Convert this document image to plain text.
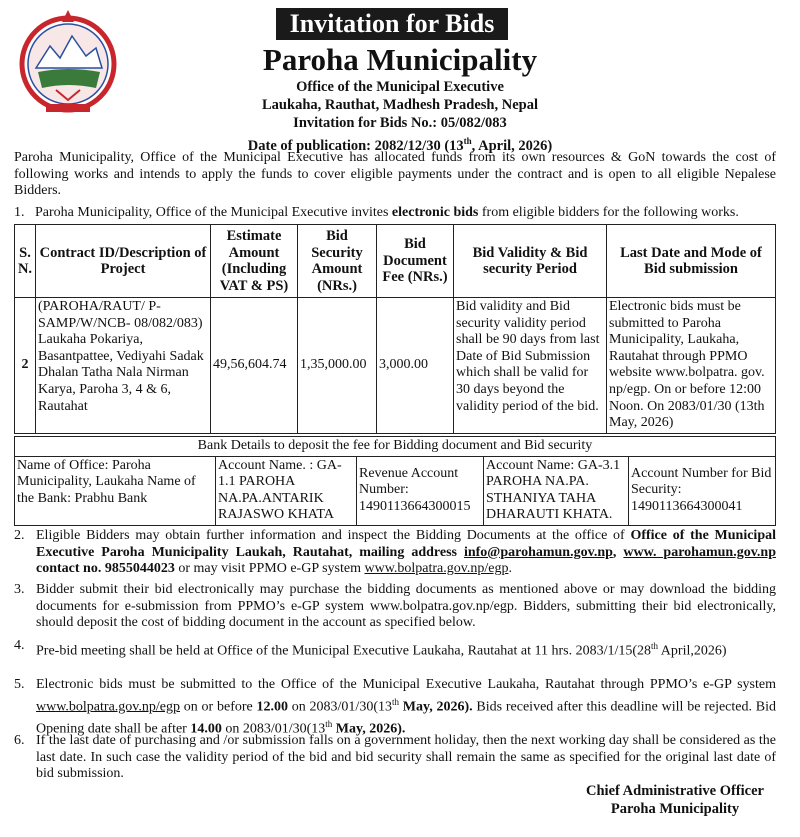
Invitation for Bids
Paroha Municipality
Office of the Municipal Executive
Laukaha, Rauthat, Madhesh Pradesh, Nepal
Invitation for Bids No.: 05/082/083
Date of publication: 2082/12/30 (13th, April, 2026)
Paroha Municipality, Office of the Municipal Executive has allocated funds from its own resources & GoN towards the cost of following works and intends to apply the funds to cover eligible payments under the contract and is open to all eligible Nepalese Bidders.
1. Paroha Municipality, Office of the Municipal Executive invites electronic bids from eligible bidders for the following works.

S. N.	Contract ID/Description of Project	Estimate Amount (Including VAT & PS)	Bid Security Amount (NRs.)	Bid Document Fee (NRs.)	Bid Validity & Bid security Period	Last Date and Mode of Bid submission
2	(PAROHA/RAUT/ P-SAMP/W/NCB- 08/082/083) Laukaha Pokariya, Basantpattee, Vediyahi Sadak Dhalan Tatha Nala Nirman Karya, Paroha 3, 4 & 6, Rautahat	49,56,604.74	1,35,000.00	3,000.00	Bid validity and Bid security validity period shall be 90 days from last Date of Bid Submission which shall be valid for 30 days beyond the validity period of the bid.	Electronic bids must be submitted to Paroha Municipality, Laukaha, Rautahat through PPMO website www.bolpatra. gov. np/egp. On or before 12:00 Noon. On 2083/01/30 (13th May, 2026)
Bank Details to deposit the fee for Bidding document and Bid security
Name of Office: Paroha Municipality, Laukaha Name of the Bank: Prabhu Bank	Account Name. : GA-1.1 PAROHA NA.PA.ANTARIK RAJASWO KHATA	Revenue Account Number: 1490113664300015	Account Name: GA-3.1 PAROHA NA.PA. STHANIYA TAHA DHARAUTI KHATA.	Account Number for Bid Security: 1490113664300041
2. Eligible Bidders may obtain further information and inspect the Bidding Documents at the office of Office of the Municipal Executive Paroha Municipality Laukah, Rautahat, mailing address info@parohamun.gov.np, www. parohamun.gov.np contact no. 9855044023 or may visit PPMO e-GP system www.bolpatra.gov.np/egp.
3. Bidder submit their bid electronically may purchase the bidding documents as mentioned above or may download the bidding documents for e-submission from PPMO’s e-GP system www.bolpatra.gov.np/egp. Bidders, submitting their bid electronically, should deposit the cost of bidding document in the account as specified below.
4. Pre-bid meeting shall be held at Office of the Municipal Executive Laukaha, Rautahat at 11 hrs. 2083/1/15(28th April,2026)
5. Electronic bids must be submitted to the Office of the Municipal Executive Laukaha, Rautahat through PPMO’s e-GP system www.bolpatra.gov.np/egp on or before 12.00 on 2083/01/30(13th May, 2026). Bids received after this deadline will be rejected. Bid Opening date shall be after 14.00 on 2083/01/30(13th May, 2026).
6. If the last date of purchasing and /or submission falls on a government holiday, then the next working day shall be considered as the last date. In such case the validity period of the bid and bid security shall remain the same as specified for the original last date of bid submission.
Chief Administrative Officer
Paroha Municipality
